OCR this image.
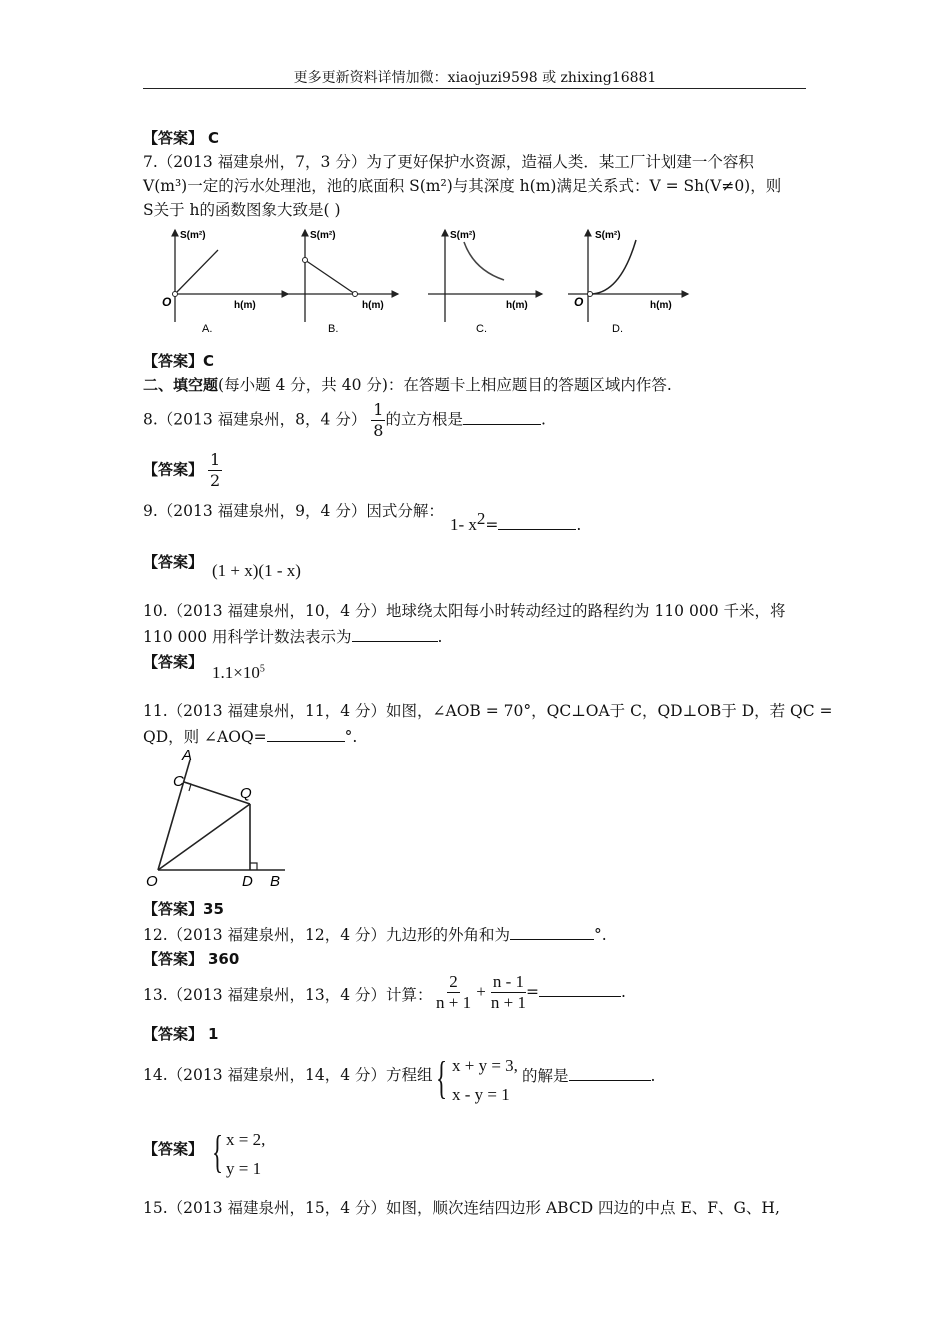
更多更新资料详情加微：xiaojuzi9598 或 zhixing16881
【答案】 C
7.（2013 福建泉州，7，3 分）为了更好保护水资源，造福人类．某工厂计划建一个容积
V(m³)一定的污水处理池，池的底面积 S(m²)与其深度 h(m)满足关系式：V = Sh(V≠0)，则
S关于 h的函数图象大致是( )
S(m²)
h(m)
O
A.
S(m²)
h(m)
B.
S(m²)
h(m)
C.
S(m²)
h(m)
O
D.
【答案】C
二、填空题(每小题 4 分，共 40 分)：在答题卡上相应题目的答题区域内作答.
8.（2013 福建泉州，8，4 分） $\frac{1}{8}$ 的立方根是	.
【答案】 $\frac{1}{2}$
9.（2013 福建泉州，9，4 分）因式分解：
1- $x^2=$	.
【答案】 (1 + x)(1 - x)
10.（2013 福建泉州，10，4 分）地球绕太阳每小时转动经过的路程约为 110 000 千米，将
110 000 用科学计数法表示为	.
【答案】
$1.1\times 10^5$
11.（2013 福建泉州，11，4 分）如图，∠AOB = 70°，QC⊥OA于 C，QD⊥OB于 D，若 QC =
QD，则 ∠AOQ=	°.
A
C
Q
O	D B
【答案】35
12.（2013 福建泉州，12，4 分）九边形的外角和为	°.
【答案】 360
13.（2013 福建泉州，13，4 分）计算： $\frac{2}{n + 1} + \frac{n - 1}{n + 1}$ =	.
【答案】 1
14.（2013 福建泉州，14，4 分）方程组 { x + y = 3,
x - y = 1
的解是	.
【答案】 { x = 2,
y = 1
15.（2013 福建泉州，15，4 分）如图，顺次连结四边形 ABCD 四边的中点 E、F、G、H,
